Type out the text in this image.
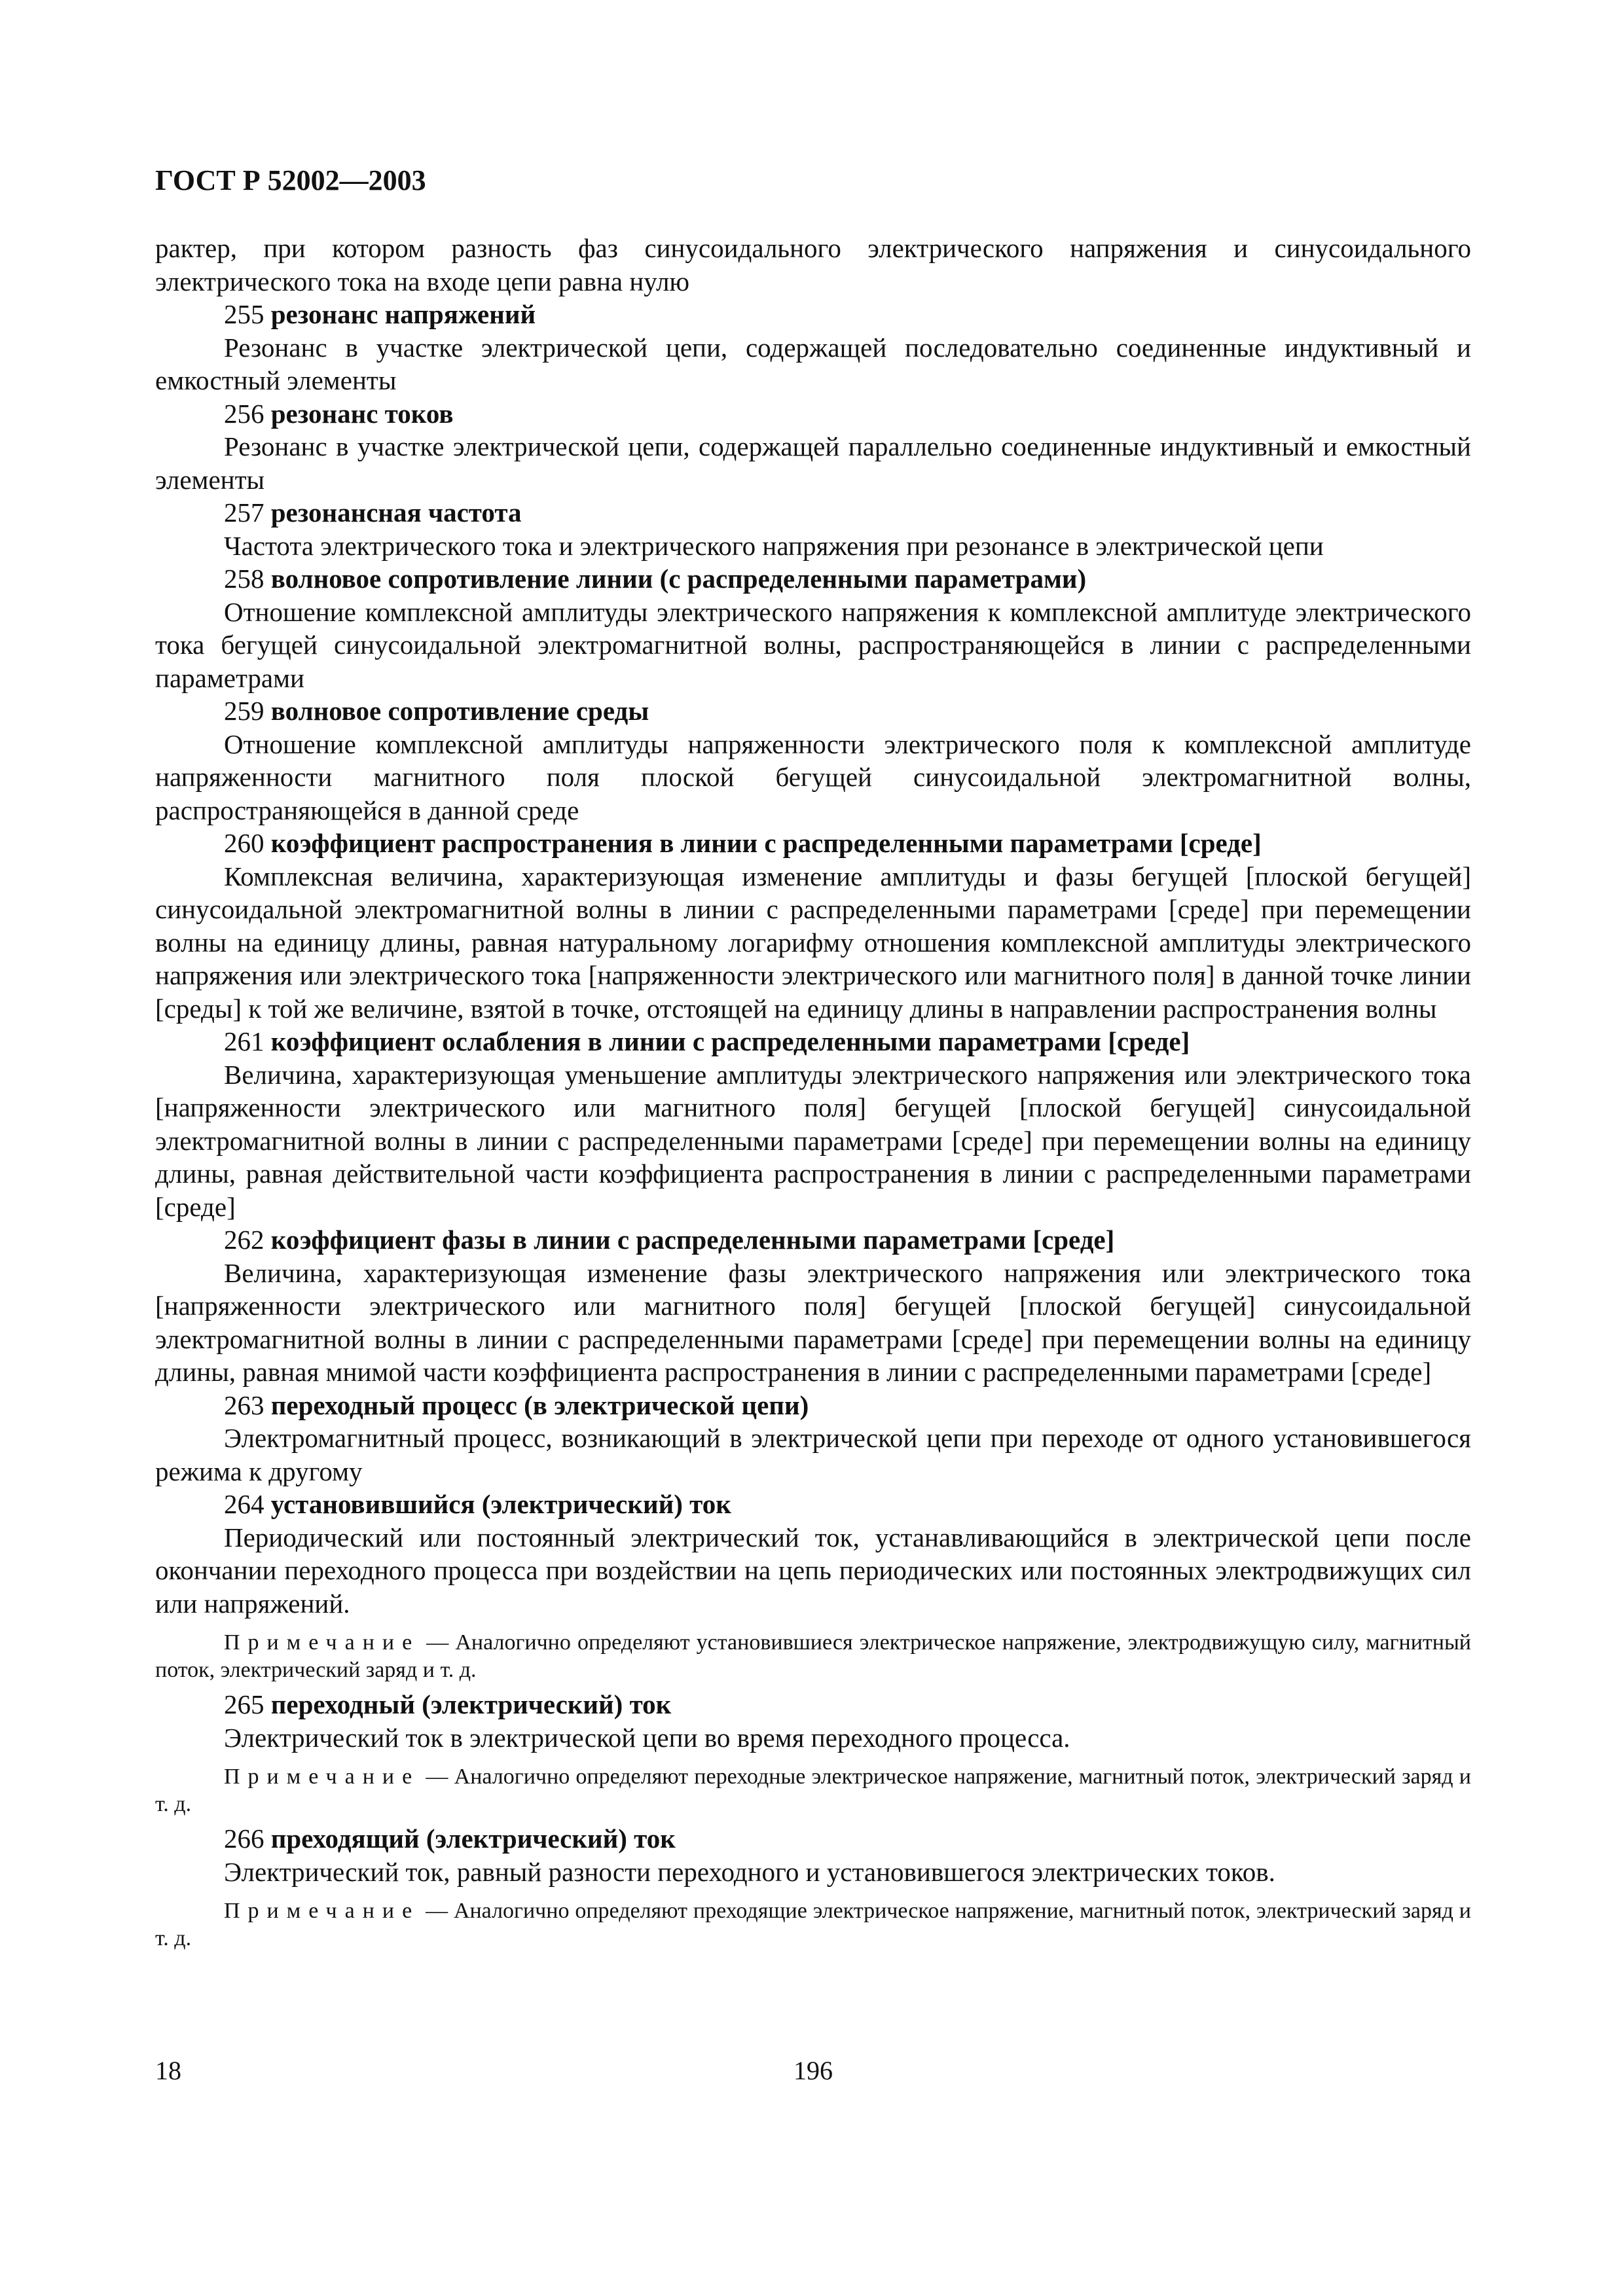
ГОСТ Р 52002—2003

рактер, при котором разность фаз синусоидального электрического напряжения и синусоидального электрического тока на входе цепи равна нулю

255 резонанс напряжений

Резонанс в участке электрической цепи, содержащей последовательно соединенные индуктивный и емкостный элементы

256 резонанс токов

Резонанс в участке электрической цепи, содержащей параллельно соединенные индуктивный и емкостный элементы

257 резонансная частота

Частота электрического тока и электрического напряжения при резонансе в электрической цепи

258 волновое сопротивление линии (с распределенными параметрами)

Отношение комплексной амплитуды электрического напряжения к комплексной амплитуде электрического тока бегущей синусоидальной электромагнитной волны, распространяющейся в линии с распределенными параметрами

259 волновое сопротивление среды

Отношение комплексной амплитуды напряженности электрического поля к комплексной амплитуде напряженности магнитного поля плоской бегущей синусоидальной электромагнитной волны, распространяющейся в данной среде

260 коэффициент распространения в линии с распределенными параметрами [среде]

Комплексная величина, характеризующая изменение амплитуды и фазы бегущей [плоской бегущей] синусоидальной электромагнитной волны в линии с распределенными параметрами [среде] при перемещении волны на единицу длины, равная натуральному логарифму отношения комплексной амплитуды электрического напряжения или электрического тока [напряженности электрического или магнитного поля] в данной точке линии [среды] к той же величине, взятой в точке, отстоящей на единицу длины в направлении распространения волны

261 коэффициент ослабления в линии с распределенными параметрами [среде]

Величина, характеризующая уменьшение амплитуды электрического напряжения или электрического тока [напряженности электрического или магнитного поля] бегущей [плоской бегущей] синусоидальной электромагнитной волны в линии с распределенными параметрами [среде] при перемещении волны на единицу длины, равная действительной части коэффициента распространения в линии с распределенными параметрами [среде]

262 коэффициент фазы в линии с распределенными параметрами [среде]

Величина, характеризующая изменение фазы электрического напряжения или электрического тока [напряженности электрического или магнитного поля] бегущей [плоской бегущей] синусоидальной электромагнитной волны в линии с распределенными параметрами [среде] при перемещении волны на единицу длины, равная мнимой части коэффициента распространения в линии с распределенными параметрами [среде]

263 переходный процесс (в электрической цепи)

Электромагнитный процесс, возникающий в электрической цепи при переходе от одного установившегося режима к другому

264 установившийся (электрический) ток

Периодический или постоянный электрический ток, устанавливающийся в электрической цепи после окончании переходного процесса при воздействии на цепь периодических или постоянных электродвижущих сил или напряжений.

Примечание — Аналогично определяют установившиеся электрическое напряжение, электродвижущую силу, магнитный поток, электрический заряд и т. д.

265 переходный (электрический) ток

Электрический ток в электрической цепи во время переходного процесса.

Примечание — Аналогично определяют переходные электрическое напряжение, магнитный поток, электрический заряд и т. д.

266 преходящий (электрический) ток

Электрический ток, равный разности переходного и установившегося электрических токов.

Примечание — Аналогично определяют преходящие электрическое напряжение, магнитный поток, электрический заряд и т. д.

18	196
